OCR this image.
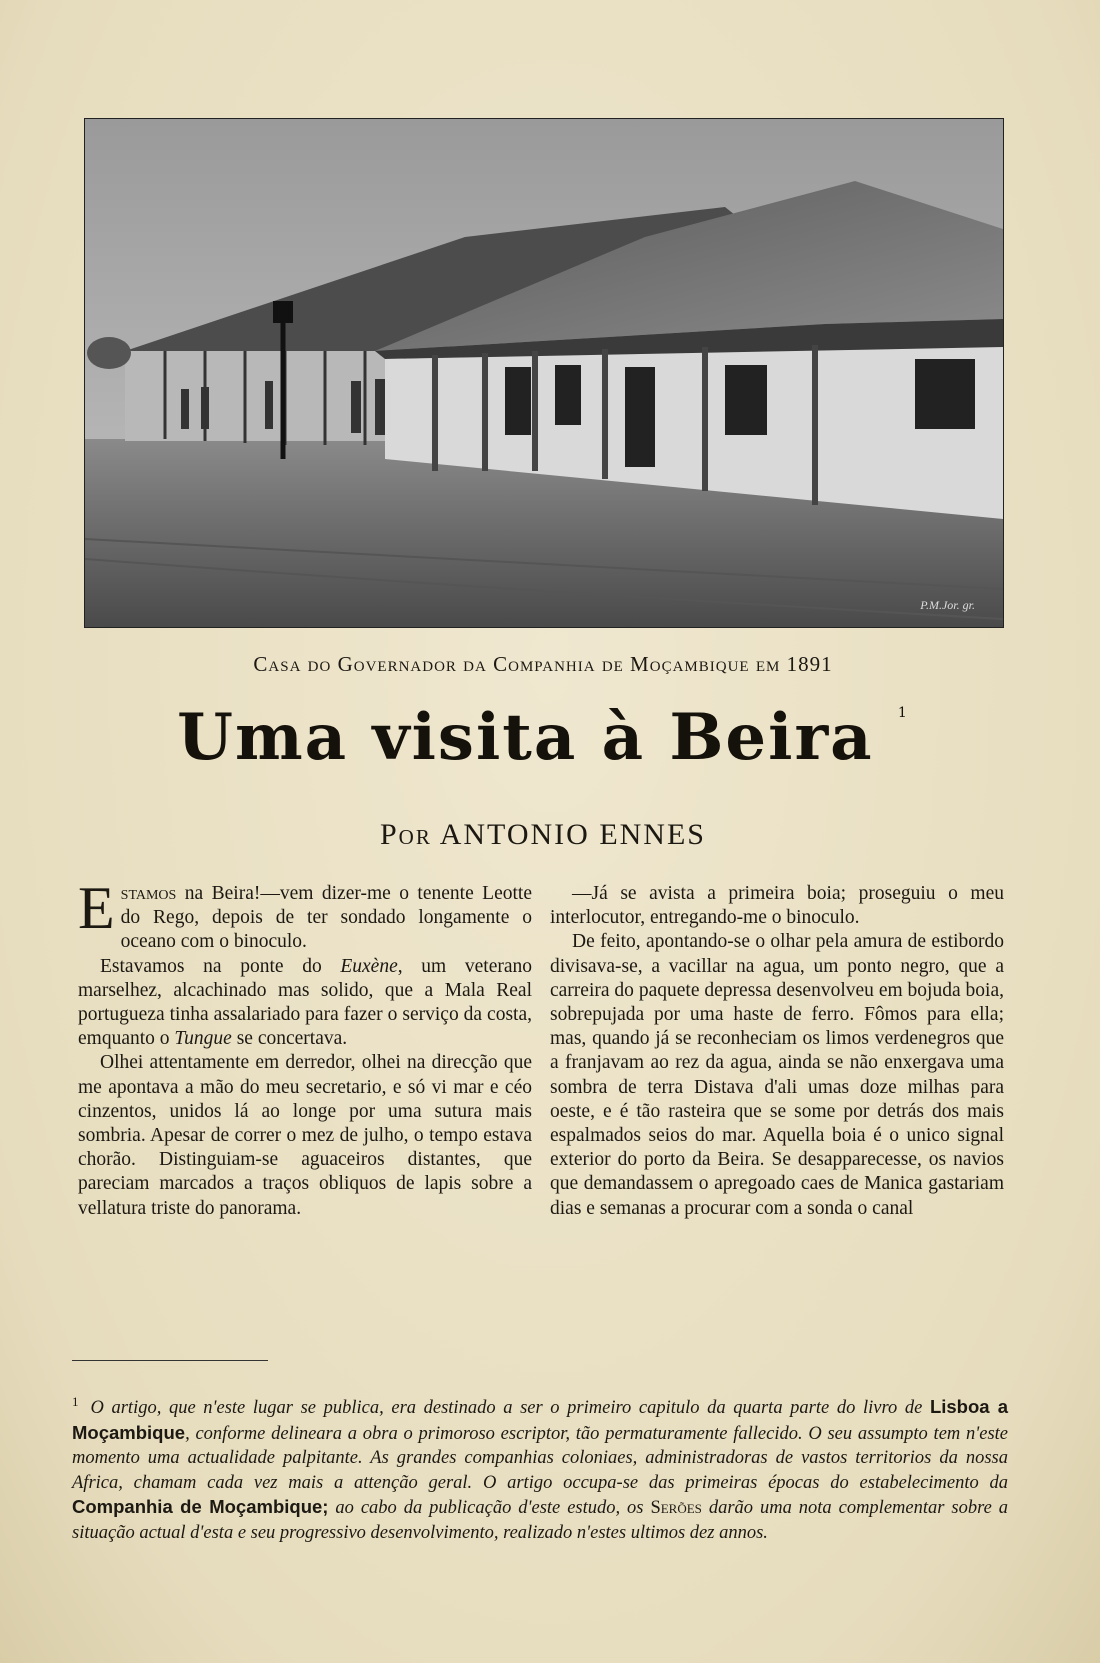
P.M.Jor. gr.
Casa do Governador da Companhia de Moçambique em 1891
Uma visita à Beira $^1$
Por ANTONIO ENNES

Estamos na Beira!—vem dizer-me o tenente Leotte do Rego, depois de ter sondado longamente o oceano com o binoculo.

Estavamos na ponte do Euxène, um veterano marselhez, alcachinado mas solido, que a Mala Real portugueza tinha assalariado para fazer o serviço da costa, emquanto o Tungue se concertava.

Olhei attentamente em derredor, olhei na direcção que me apontava a mão do meu secretario, e só vi mar e céo cinzentos, unidos lá ao longe por uma sutura mais sombria. Apesar de correr o mez de julho, o tempo estava chorão. Distinguiam-se aguaceiros distantes, que pareciam marcados a traços obliquos de lapis sobre a vellatura triste do panorama.

—Já se avista a primeira boia; proseguiu o meu interlocutor, entregando-me o binoculo.

De feito, apontando-se o olhar pela amura de estibordo divisava-se, a vacillar na agua, um ponto negro, que a carreira do paquete depressa desenvolveu em bojuda boia, sobrepujada por uma haste de ferro. Fômos para ella; mas, quando já se reconheciam os limos verdenegros que a franjavam ao rez da agua, ainda se não enxergava uma sombra de terra Distava d'ali umas doze milhas para oeste, e é tão rasteira que se some por detrás dos mais espalmados seios do mar. Aquella boia é o unico signal exterior do porto da Beira. Se desapparecesse, os navios que demandassem o apregoado caes de Manica gastariam dias e semanas a procurar com a sonda o canal

$^1$ O artigo, que n'este lugar se publica, era destinado a ser o primeiro capitulo da quarta parte do livro de Lisboa a Moçambique, conforme delineara a obra o primoroso escriptor, tão permaturamente fallecido. O seu assumpto tem n'este momento uma actualidade palpitante. As grandes companhias coloniaes, administradoras de vastos territorios da nossa Africa, chamam cada vez mais a attenção geral. O artigo occupa-se das primeiras épocas do estabelecimento da Companhia de Moçambique; ao cabo da publicação d'este estudo, os Serões darão uma nota complementar sobre a situação actual d'esta e seu progressivo desenvolvimento, realizado n'estes ultimos dez annos.
